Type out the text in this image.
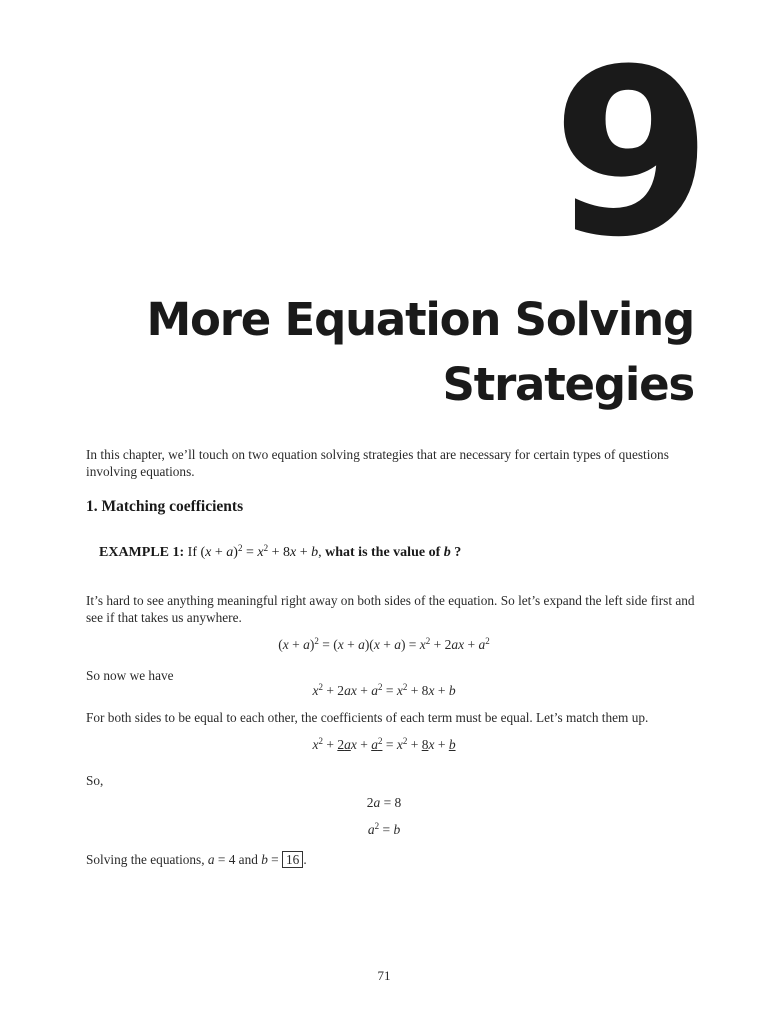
9
More Equation Solving
Strategies
In this chapter, we’ll touch on two equation solving strategies that are necessary for certain types of questions involving equations.
1. Matching coefficients
EXAMPLE 1: If $(x + a)^2 = x^2 + 8x + b$, what is the value of b ?
It’s hard to see anything meaningful right away on both sides of the equation. So let’s expand the left side first and see if that takes us anywhere.
$(x + a)^2 = (x + a)(x + a) = x^2 + 2ax + a^2$
So now we have
$x^2 + 2ax + a^2 = x^2 + 8x + b$
For both sides to be equal to each other, the coefficients of each term must be equal. Let’s match them up.
$x^2 + 2ax + a^2 = x^2 + 8x + b$
So,
2a = 8
$a^2 = b$
Solving the equations, a = 4 and b = 16 .
71
